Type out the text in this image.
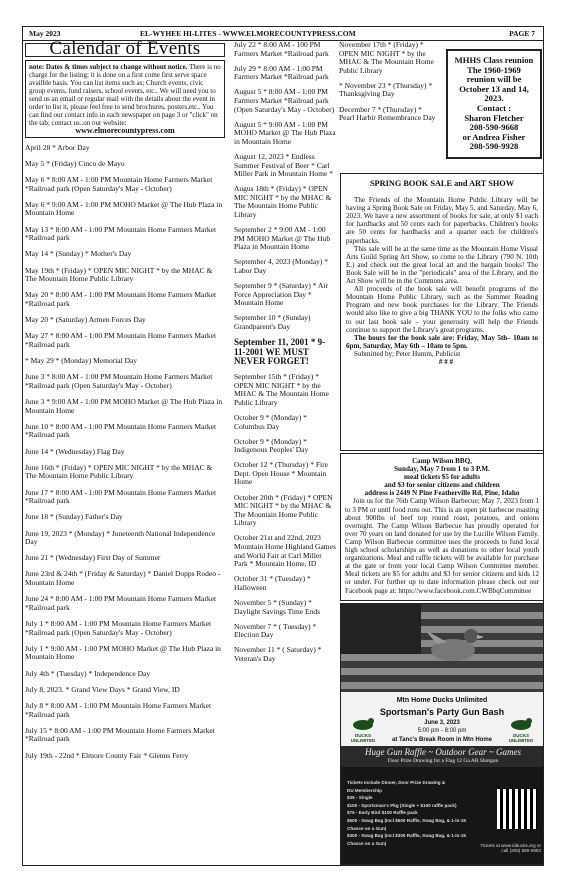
May 2023	EL-WYHEE HI-LITES - WWW.ELMORECOUNTYPRESS.COM	PAGE 7
Calendar of Events
note: Dates & times subject to change without notice. There is no charge for the listing; it is done on a first come first serve space availble basis. You can list items such as; Church events, civic group events, fund raisers, school events, etc.. We will need you to send us an email or regular mail with the details about the event in order to list it, please feel free to send brochures, posters,etc.. You can find our contact info in each newspaper on page 3 or "click" on the tab; contact us..on our website:
www.elmorecountypress.com
April 28 * Arbor Day
May 5 * (Friday) Cinco de Mayo
May 6 * 8:00 AM - 1:00 PM Mountain Home Farmers Market *Railroad park (Open Saturday's May - October)
May 6 * 9:00 AM - 1:00 PM MOHO Market @ The Hub Plaza in Mountain Home
May 13 * 8:00 AM - 1:00 PM Mountain Home Farmers Market *Railroad park
May 14 * (Sunday) * Mother's Day
May 19th * (Friday) * OPEN MIC NIGHT * by the MHAC & The Mountain Home Public Library
May 20 * 8:00 AM - 1:00 PM Mountain Home Farmers Market *Railroad park
May 20 * (Saturday) Armen Forces Day
May 27 * 8:00 AM - 1:00 PM Mountain Home Farmers Market *Railroad park
* May 29 * (Monday) Memorial Day
June 3 * 8:00 AM - 1:00 PM Mountain Home Farmers Market *Railroad park (Open Saturday's May - October)
June 3 * 9:00 AM - 1:00 PM MOHO Market @ The Hub Plaza in Mountain Home
June 10 * 8:00 AM - 1:00 PM Mountain Home Farmers Market *Railroad park
June 14 * (Wednesday) Flag Day
June 16th * (Friday) * OPEN MIC NIGHT * by the MHAC & The Mountain Home Public Library
June 17 * 8:00 AM - 1:00 PM Mountain Home Farmers Market *Railroad park
June 18 * (Sunday) Father's Day
June 19, 2023 * (Monday) * Juneteenth National Independence Day
June 21 * (Wednesday) First Day of Summer
June 23rd & 24th * (Friday & Saturday) * Daniel Dopps Rodeo - Mountain Home
June 24 * 8:00 AM - 1:00 PM Mountain Home Farmers Market *Railroad park
July 1 * 8:00 AM - 1:00 PM Mountain Home Farmers Market *Railroad park (Open Saturday's May - October)
July 1 * 9:00 AM - 1:00 PM MOHO Market @ The Hub Plaza in Mountain Home
July 4th * (Tuesday) * Independence Day
July 8, 2023. * Grand View Days * Grand View, ID
July 8 * 8:00 AM - 1:00 PM Mountain Home Farmers Market *Railroad park
July 15 * 8:00 AM - 1:00 PM Mountain Home Farmers Market *Railroad park
July 19th - 22nd * Elmore County Fair * Glenns Ferry
July 22 * 8:00 AM - 100 PM Farmers Market *Railroad park
July 29 * 8:00 AM - 1:00 PM Farmers Market *Railroad park
August 5 * 8:00 AM - 1:00 PM Farmers Market *Railroad park (Open Saturday's May - October)
August 5 * 9:00 AM - 1:00 PM MOHO Market @ The Hub Plaza in Mountain Home
August 12, 2023 * Endless Summer Festival of Beer * Carl Miller Park in Mountain Home *
Augus 18th * (Friday) * OPEN MIC NIGHT * by the MHAC & The Mountain Home Public Library
September 2 * 9:00 AM - 1:00 PM MOHO Market @ The Hub Plaza in Mountain Home
September 4, 2023 (Monday) * Labor Day
September 9 * (Saturday) * Air Force Appreciation Day * Mountain Home
September 10 * (Sunday) Grandparent's Day
September 11, 2001 * 9-11-2001 WE MUST NEVER FORGET!
September 15th * (Friday) * OPEN MIC NIGHT * by the MHAC & The Mountain Home Public Library
October 9 * (Monday) * Columbus Day
October 9 * (Monday) * Indigenous Peoples' Day
October 12 * (Thursday) * Fire Dept. Open House * Mountain Home
October 20th * (Friday) * OPEN MIC NIGHT * by the MHAC & The Mountain Home Public Library
October 21st and 22nd, 2023 Mountain Home Highland Games and World Fair at Carl Miller Park * Mountain Home, ID
October 31 * (Tuesday) * Halloween
November 5 * (Sunday) * Daylight Savings Time Ends
November 7 * ( Tuesday) * Election Day
November 11 * ( Saturday) * Veteran's Day
November 17th * (Friday) * OPEN MIC NIGHT * by the MHAC & The Mountain Home Public Library
* November 23 * (Thursday) * Thanksgiving Day
December 7 * (Thursday) * Pearl Harbir Remembrance Day
MHHS Class reunion
The 1960-1969
reunion will be
October 13 and 14,
2023.
Contact :
Sharon Fletcher
208-590-9668
or Andrea Fisher
208-590-9928
SPRING BOOK SALE and ART SHOW

The Friends of the Mountain Home Public Library will be having a Spring Book Sale on Friday, May 5, and Saturday, May 6, 2023. We have a new assortment of books for sale, at only $1 each for hardbacks and 50 cents each for paperbacks. Children's books are 50 cents for hardbacks and a quarter each for children's paperbacks.

This sale will be at the same time as the Mountain Home Visual Arts Guild Spring Art Show, so come to the Library (790 N. 10th E.) and check out the great local art and the bargain books! The Book Sale will be in the "periodicals" area of the Library, and the Art Show will be in the Commons area.

All proceeds of the book sale will benefit programs of the Mountain Home Public Library, such as the Summer Reading Program and new book purchases for the Library. The Friends would also like to give a big THANK YOU to the folks who came to our last book sale – your generosity will help the Friends continue to support the Library's great programs.

The hours for the book sale are: Friday, May 5th– 10am to 6pm, Saturday, May 6th – 10am to 5pm.

Submitted by; Peter Humm, Publicist

# # #

Camp Wilson BBQ,
Sunday, May 7 from 1 to 3 P.M.
meal tickets $5 for adults
and $3 for senior citizens and children
address is 2449 N Pine Featherville Rd, Pine, Idaho
Join us for the 76th Camp Wilson Barbecue; May 7, 2023 from 1 to 3 PM or until food runs out. This is an open pit barbecue roasting about 900lbs of beef top round roast, potatoes, and onions overnight. The Camp Wilson Barbecue has proudly operated for over 70 years on land donated for use by the Lucille Wilson Family. Camp Wilson Barbecue committee uses the proceeds to fund local high school scholarships as well as donations to other local youth organizations. Meal and raffle tickets will be available for purchase at the gate or from your local Camp Wilson Committee member. Meal tickets are $5 for adults and $3 for senior citizens and kids 12 or under. For further up to date information please check out our Facebook page at: https://www.facebook.com.CWBbqCommittee
Mtn Home Ducks Unlimited
Sportsman's Party Gun Bash
June 3, 2023
5:00 pm - 8:00 pm
at Tanc's Break Room in Mtn Home
DUCKS UNLIMITED
DUCKS UNLIMITED
Huge Gun Raffle ~ Outdoor Gear ~ Games
Door Prize Drawing for a Flag 12 Ga AR Shotgun
Tickets Include Dinner, Door Prize Drawing &
DU Membership
$35 - Single
$100 - Sportsman's Pkg (Single + $100 raffle pack)
$75 - Early Bird $100 Raffle pack
$500 - Swag Bag (Incl $500 Raffle, Swag Bag, & 1-in-15
Chance on a Gun)
$300 - Swag Bag (Incl $300 Raffle, Swag Bag, & 1-in-15
Chance on a Gun)	Tickets at www.idducks.org or
call (208) 590-0653
